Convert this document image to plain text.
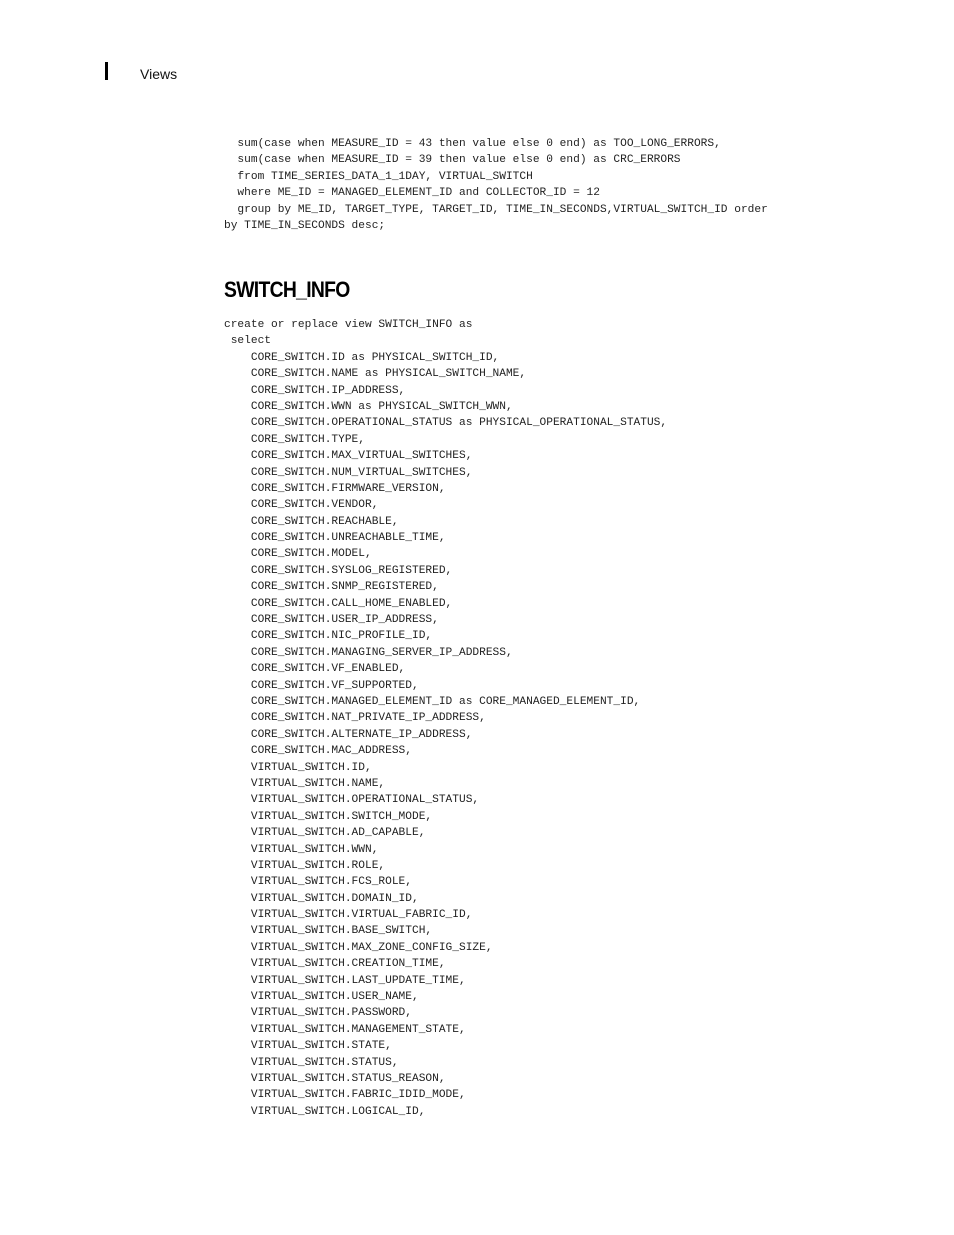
Views
sum(case when MEASURE_ID = 43 then value else 0 end) as TOO_LONG_ERRORS,
sum(case when MEASURE_ID = 39 then value else 0 end) as CRC_ERRORS
from TIME_SERIES_DATA_1_1DAY, VIRTUAL_SWITCH
where ME_ID = MANAGED_ELEMENT_ID and COLLECTOR_ID = 12
group by ME_ID, TARGET_TYPE, TARGET_ID, TIME_IN_SECONDS,VIRTUAL_SWITCH_ID order
by TIME_IN_SECONDS desc;
SWITCH_INFO
create or replace view SWITCH_INFO as
select
CORE_SWITCH.ID as PHYSICAL_SWITCH_ID,
CORE_SWITCH.NAME as PHYSICAL_SWITCH_NAME,
CORE_SWITCH.IP_ADDRESS,
CORE_SWITCH.WWN as PHYSICAL_SWITCH_WWN,
CORE_SWITCH.OPERATIONAL_STATUS as PHYSICAL_OPERATIONAL_STATUS,
CORE_SWITCH.TYPE,
CORE_SWITCH.MAX_VIRTUAL_SWITCHES,
CORE_SWITCH.NUM_VIRTUAL_SWITCHES,
CORE_SWITCH.FIRMWARE_VERSION,
CORE_SWITCH.VENDOR,
CORE_SWITCH.REACHABLE,
CORE_SWITCH.UNREACHABLE_TIME,
CORE_SWITCH.MODEL,
CORE_SWITCH.SYSLOG_REGISTERED,
CORE_SWITCH.SNMP_REGISTERED,
CORE_SWITCH.CALL_HOME_ENABLED,
CORE_SWITCH.USER_IP_ADDRESS,
CORE_SWITCH.NIC_PROFILE_ID,
CORE_SWITCH.MANAGING_SERVER_IP_ADDRESS,
CORE_SWITCH.VF_ENABLED,
CORE_SWITCH.VF_SUPPORTED,
CORE_SWITCH.MANAGED_ELEMENT_ID as CORE_MANAGED_ELEMENT_ID,
CORE_SWITCH.NAT_PRIVATE_IP_ADDRESS,
CORE_SWITCH.ALTERNATE_IP_ADDRESS,
CORE_SWITCH.MAC_ADDRESS,
VIRTUAL_SWITCH.ID,
VIRTUAL_SWITCH.NAME,
VIRTUAL_SWITCH.OPERATIONAL_STATUS,
VIRTUAL_SWITCH.SWITCH_MODE,
VIRTUAL_SWITCH.AD_CAPABLE,
VIRTUAL_SWITCH.WWN,
VIRTUAL_SWITCH.ROLE,
VIRTUAL_SWITCH.FCS_ROLE,
VIRTUAL_SWITCH.DOMAIN_ID,
VIRTUAL_SWITCH.VIRTUAL_FABRIC_ID,
VIRTUAL_SWITCH.BASE_SWITCH,
VIRTUAL_SWITCH.MAX_ZONE_CONFIG_SIZE,
VIRTUAL_SWITCH.CREATION_TIME,
VIRTUAL_SWITCH.LAST_UPDATE_TIME,
VIRTUAL_SWITCH.USER_NAME,
VIRTUAL_SWITCH.PASSWORD,
VIRTUAL_SWITCH.MANAGEMENT_STATE,
VIRTUAL_SWITCH.STATE,
VIRTUAL_SWITCH.STATUS,
VIRTUAL_SWITCH.STATUS_REASON,
VIRTUAL_SWITCH.FABRIC_IDID_MODE,
VIRTUAL_SWITCH.LOGICAL_ID,
